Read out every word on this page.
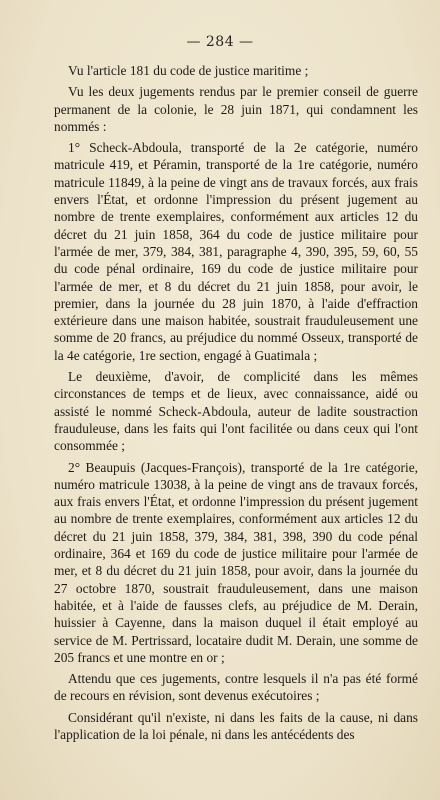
— 284 —

Vu l'article 181 du code de justice maritime ;

Vu les deux jugements rendus par le premier conseil de guerre permanent de la colonie, le 28 juin 1871, qui condamnent les nommés :

1° Scheck-Abdoula, transporté de la 2e catégorie, numéro matricule 419, et Péramin, transporté de la 1re catégorie, numéro matricule 11849, à la peine de vingt ans de travaux forcés, aux frais envers l'État, et ordonne l'impression du présent jugement au nombre de trente exemplaires, conformément aux articles 12 du décret du 21 juin 1858, 364 du code de justice militaire pour l'armée de mer, 379, 384, 381, paragraphe 4, 390, 395, 59, 60, 55 du code pénal ordinaire, 169 du code de justice militaire pour l'armée de mer, et 8 du décret du 21 juin 1858, pour avoir, le premier, dans la journée du 28 juin 1870, à l'aide d'effraction extérieure dans une maison habitée, soustrait frauduleusement une somme de 20 francs, au préjudice du nommé Osseux, transporté de la 4e catégorie, 1re section, engagé à Guatimala ;

Le deuxième, d'avoir, de complicité dans les mêmes circonstances de temps et de lieux, avec connaissance, aidé ou assisté le nommé Scheck-Abdoula, auteur de ladite soustraction frauduleuse, dans les faits qui l'ont facilitée ou dans ceux qui l'ont consommée ;

2° Beaupuis (Jacques-François), transporté de la 1re catégorie, numéro matricule 13038, à la peine de vingt ans de travaux forcés, aux frais envers l'État, et ordonne l'impression du présent jugement au nombre de trente exemplaires, conformément aux articles 12 du décret du 21 juin 1858, 379, 384, 381, 398, 390 du code pénal ordinaire, 364 et 169 du code de justice militaire pour l'armée de mer, et 8 du décret du 21 juin 1858, pour avoir, dans la journée du 27 octobre 1870, soustrait frauduleusement, dans une maison habitée, et à l'aide de fausses clefs, au préjudice de M. Derain, huissier à Cayenne, dans la maison duquel il était employé au service de M. Pertrissard, locataire dudit M. Derain, une somme de 205 francs et une montre en or ;

Attendu que ces jugements, contre lesquels il n'a pas été formé de recours en révision, sont devenus exécutoires ;

Considérant qu'il n'existe, ni dans les faits de la cause, ni dans l'application de la loi pénale, ni dans les antécédents des
